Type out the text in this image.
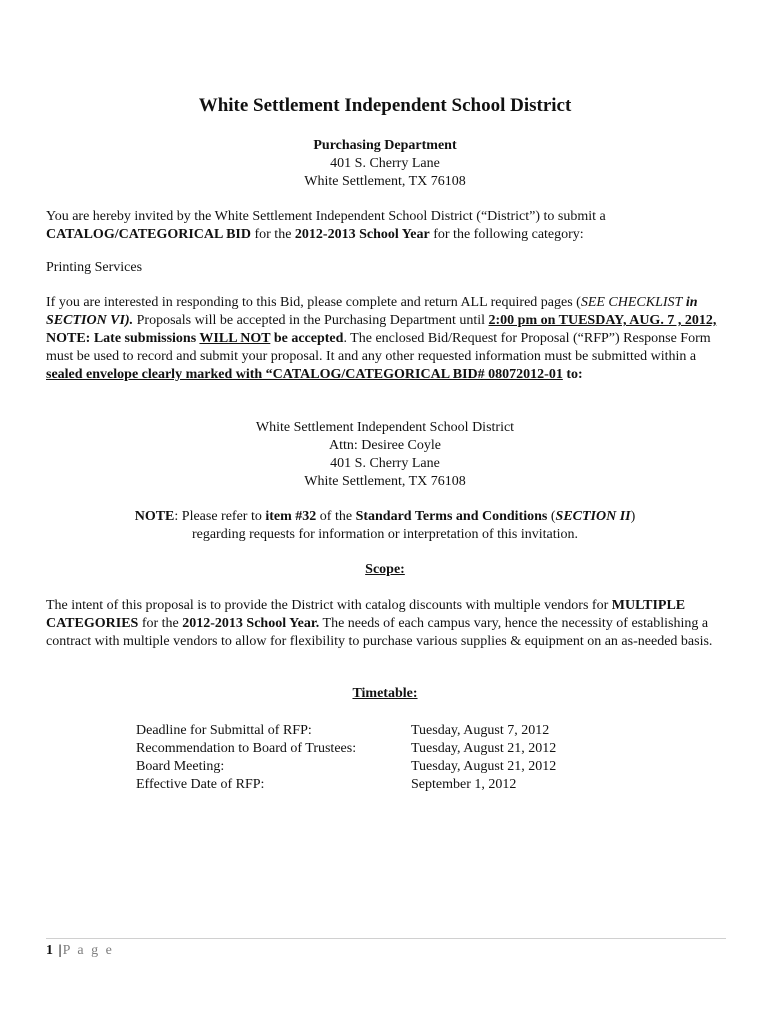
White Settlement Independent School District
Purchasing Department
401 S. Cherry Lane
White Settlement, TX 76108
You are hereby invited by the White Settlement Independent School District (“District”) to submit a
CATALOG/CATEGORICAL BID for the 2012-2013 School Year for the following category:
Printing Services
If you are interested in responding to this Bid, please complete and return ALL required pages (SEE CHECKLIST in SECTION VI). Proposals will be accepted in the Purchasing Department until 2:00 pm on TUESDAY, AUG. 7 , 2012, NOTE: Late submissions WILL NOT be accepted. The enclosed Bid/Request for Proposal (“RFP”) Response Form must be used to record and submit your proposal. It and any other requested information must be submitted within a sealed envelope clearly marked with “CATALOG/CATEGORICAL BID# 08072012-01 to:
White Settlement Independent School District
Attn: Desiree Coyle
401 S. Cherry Lane
White Settlement, TX 76108
NOTE: Please refer to item #32 of the Standard Terms and Conditions (SECTION II)
regarding requests for information or interpretation of this invitation.
Scope:
The intent of this proposal is to provide the District with catalog discounts with multiple vendors for MULTIPLE CATEGORIES for the 2012-2013 School Year. The needs of each campus vary, hence the necessity of establishing a contract with multiple vendors to allow for flexibility to purchase various supplies & equipment on an as-needed basis.
Timetable:
Deadline for Submittal of RFP:	Tuesday, August 7, 2012
Recommendation to Board of Trustees:	Tuesday, August 21, 2012
Board Meeting:	Tuesday, August 21, 2012
Effective Date of RFP:	September 1, 2012
1 |P a g e
